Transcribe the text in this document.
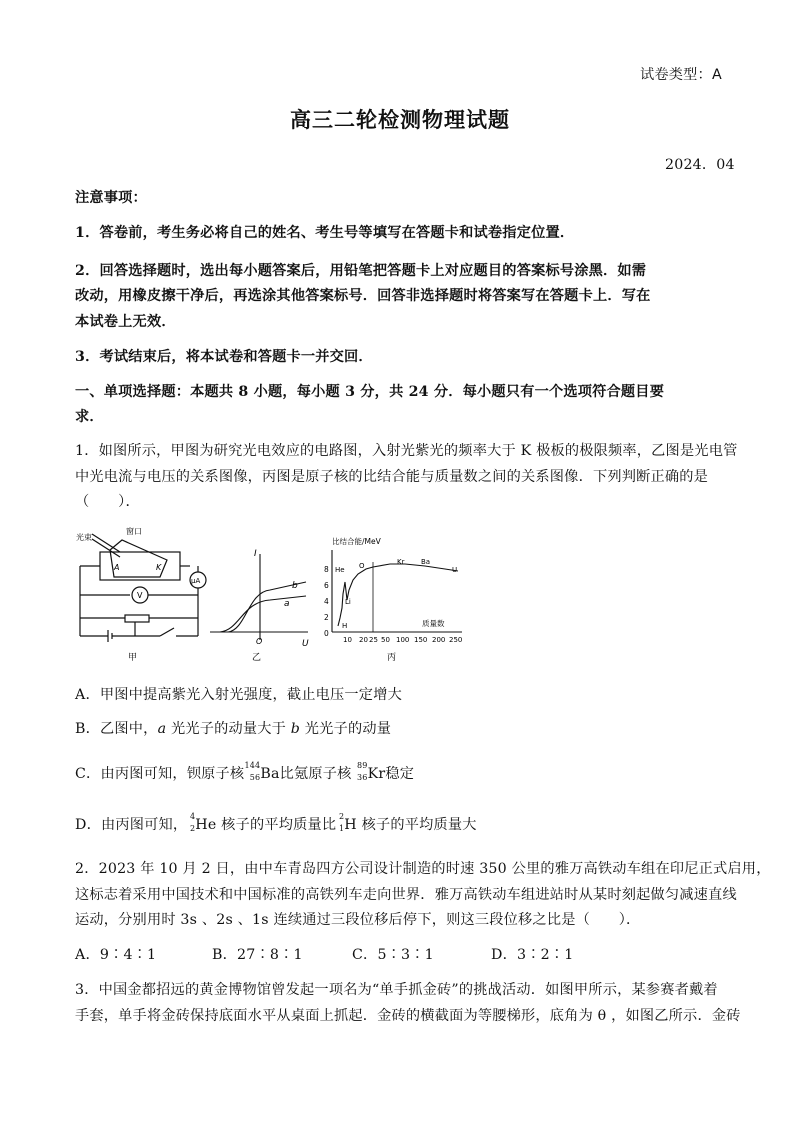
试卷类型：A
高三二轮检测物理试题
2024．04
注意事项：
1．答卷前，考生务必将自己的姓名、考生号等填写在答题卡和试卷指定位置．
2．回答选择题时，选出每小题答案后，用铅笔把答题卡上对应题目的答案标号涂黑．如需
改动，用橡皮擦干净后，再选涂其他答案标号．回答非选择题时将答案写在答题卡上．写在
本试卷上无效．
3．考试结束后，将本试卷和答题卡一并交回．
一、单项选择题：本题共 8 小题，每小题 3 分，共 24 分．每小题只有一个选项符合题目要
求．
1．如图所示，甲图为研究光电效应的电路图，入射光紫光的频率大于 K 极板的极限频率，乙图是光电管
中光电流与电压的关系图像，丙图是原子核的比结合能与质量数之间的关系图像．下列判断正确的是
（　　）．
光束
窗口
A	K
μA
V
甲
I
U
O
a
b
乙
比结合能/MeV
8
6
4
2
0
10 20 25 50 100 150 200 250
质量数
He O	Kr Ba
U
Li
H
丙
A．甲图中提高紫光入射光强度，截止电压一定增大
B．乙图中，a 光光子的动量大于 b 光光子的动量
C．由丙图可知，钡原子核
144
56 Ba比氪原子核
89
36 Kr稳定
D．由丙图可知，
4
2 He 核子的平均质量比
2
1 H 核子的平均质量大
2．2023 年 10 月 2 日，由中车青岛四方公司设计制造的时速 350 公里的雅万高铁动车组在印尼正式启用，
这标志着采用中国技术和中国标准的高铁列车走向世界．雅万高铁动车组进站时从某时刻起做匀减速直线
运动，分别用时 3s 、2s 、1s 连续通过三段位移后停下，则这三段位移之比是（　　）．
A．9∶4∶1	B．27∶8∶1	C．5∶3∶1	D．3∶2∶1
3．中国金都招远的黄金博物馆曾发起一项名为“单手抓金砖”的挑战活动．如图甲所示，某参赛者戴着
手套，单手将金砖保持底面水平从桌面上抓起．金砖的横截面为等腰梯形，底角为 θ ，如图乙所示．金砖
